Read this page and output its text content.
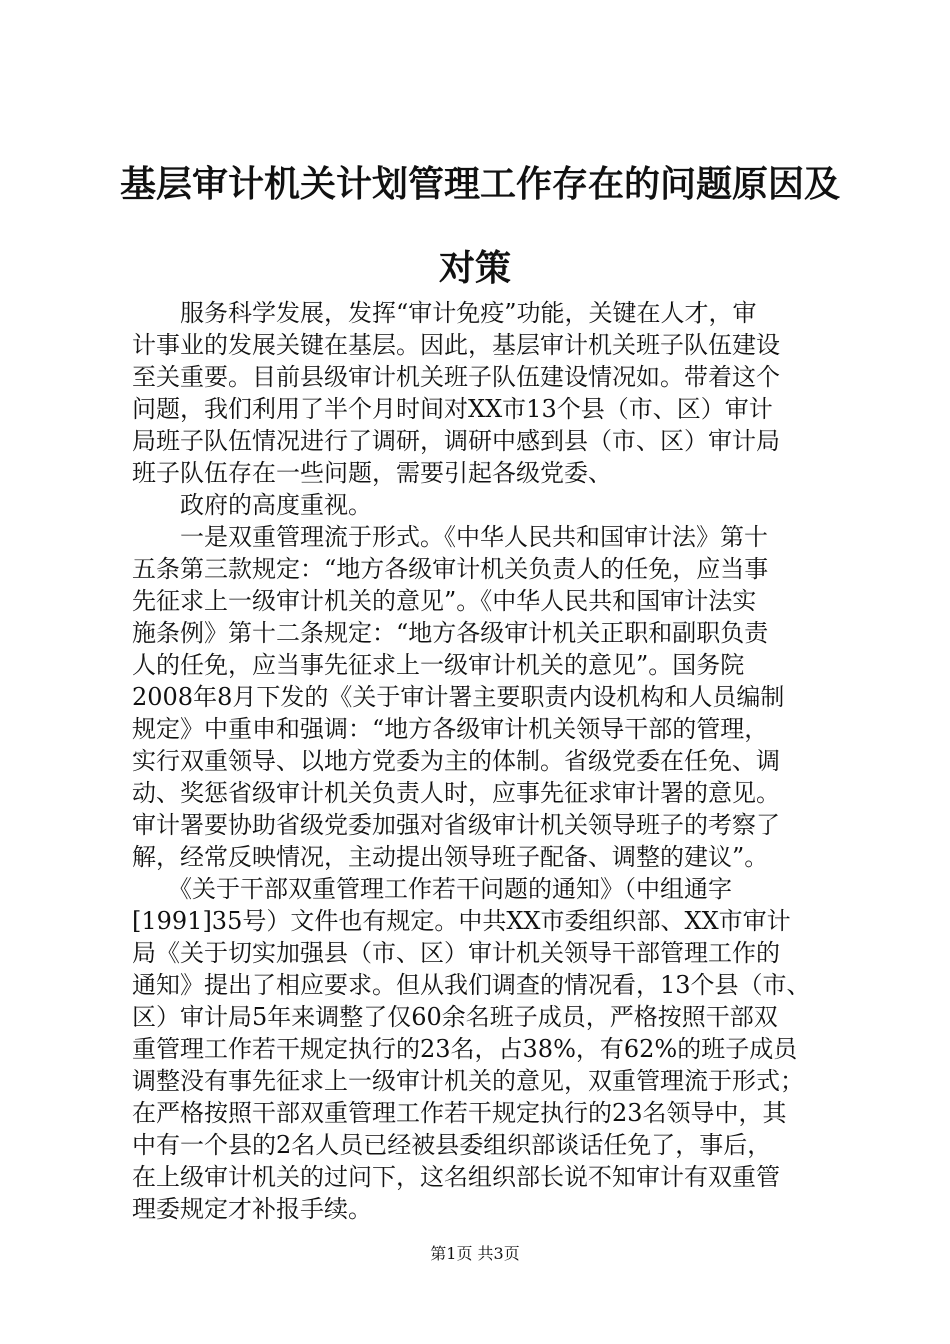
基层审计机关计划管理工作存在的问题原因及
对策
　　服务科学发展，发挥“审计免疫”功能，关键在人才，审
计事业的发展关键在基层。因此，基层审计机关班子队伍建设
至关重要。目前县级审计机关班子队伍建设情况如。带着这个
问题，我们利用了半个月时间对XX市13个县（市、区）审计
局班子队伍情况进行了调研，调研中感到县（市、区）审计局
班子队伍存在一些问题，需要引起各级党委、
　　政府的高度重视。
　　一是双重管理流于形式。《中华人民共和国审计法》第十
五条第三款规定：“地方各级审计机关负责人的任免，应当事
先征求上一级审计机关的意见”。《中华人民共和国审计法实
施条例》第十二条规定：“地方各级审计机关正职和副职负责
人的任免，应当事先征求上一级审计机关的意见”。国务院
2008年8月下发的《关于审计署主要职责内设机构和人员编制
规定》中重申和强调：“地方各级审计机关领导干部的管理，
实行双重领导、以地方党委为主的体制。省级党委在任免、调
动、奖惩省级审计机关负责人时，应事先征求审计署的意见。
审计署要协助省级党委加强对省级审计机关领导班子的考察了
解，经常反映情况，主动提出领导班子配备、调整的建议”。
　　《关于干部双重管理工作若干问题的通知》（中组通字
[1991]35号）文件也有规定。中共XX市委组织部、XX市审计
局《关于切实加强县（市、区）审计机关领导干部管理工作的
通知》提出了相应要求。但从我们调查的情况看，13个县（市、
区）审计局5年来调整了仅60余名班子成员，严格按照干部双
重管理工作若干规定执行的23名，占38%，有62%的班子成员
调整没有事先征求上一级审计机关的意见，双重管理流于形式；
在严格按照干部双重管理工作若干规定执行的23名领导中，其
中有一个县的2名人员已经被县委组织部谈话任免了，事后，
在上级审计机关的过问下，这名组织部长说不知审计有双重管
理委规定才补报手续。
第1页 共3页
